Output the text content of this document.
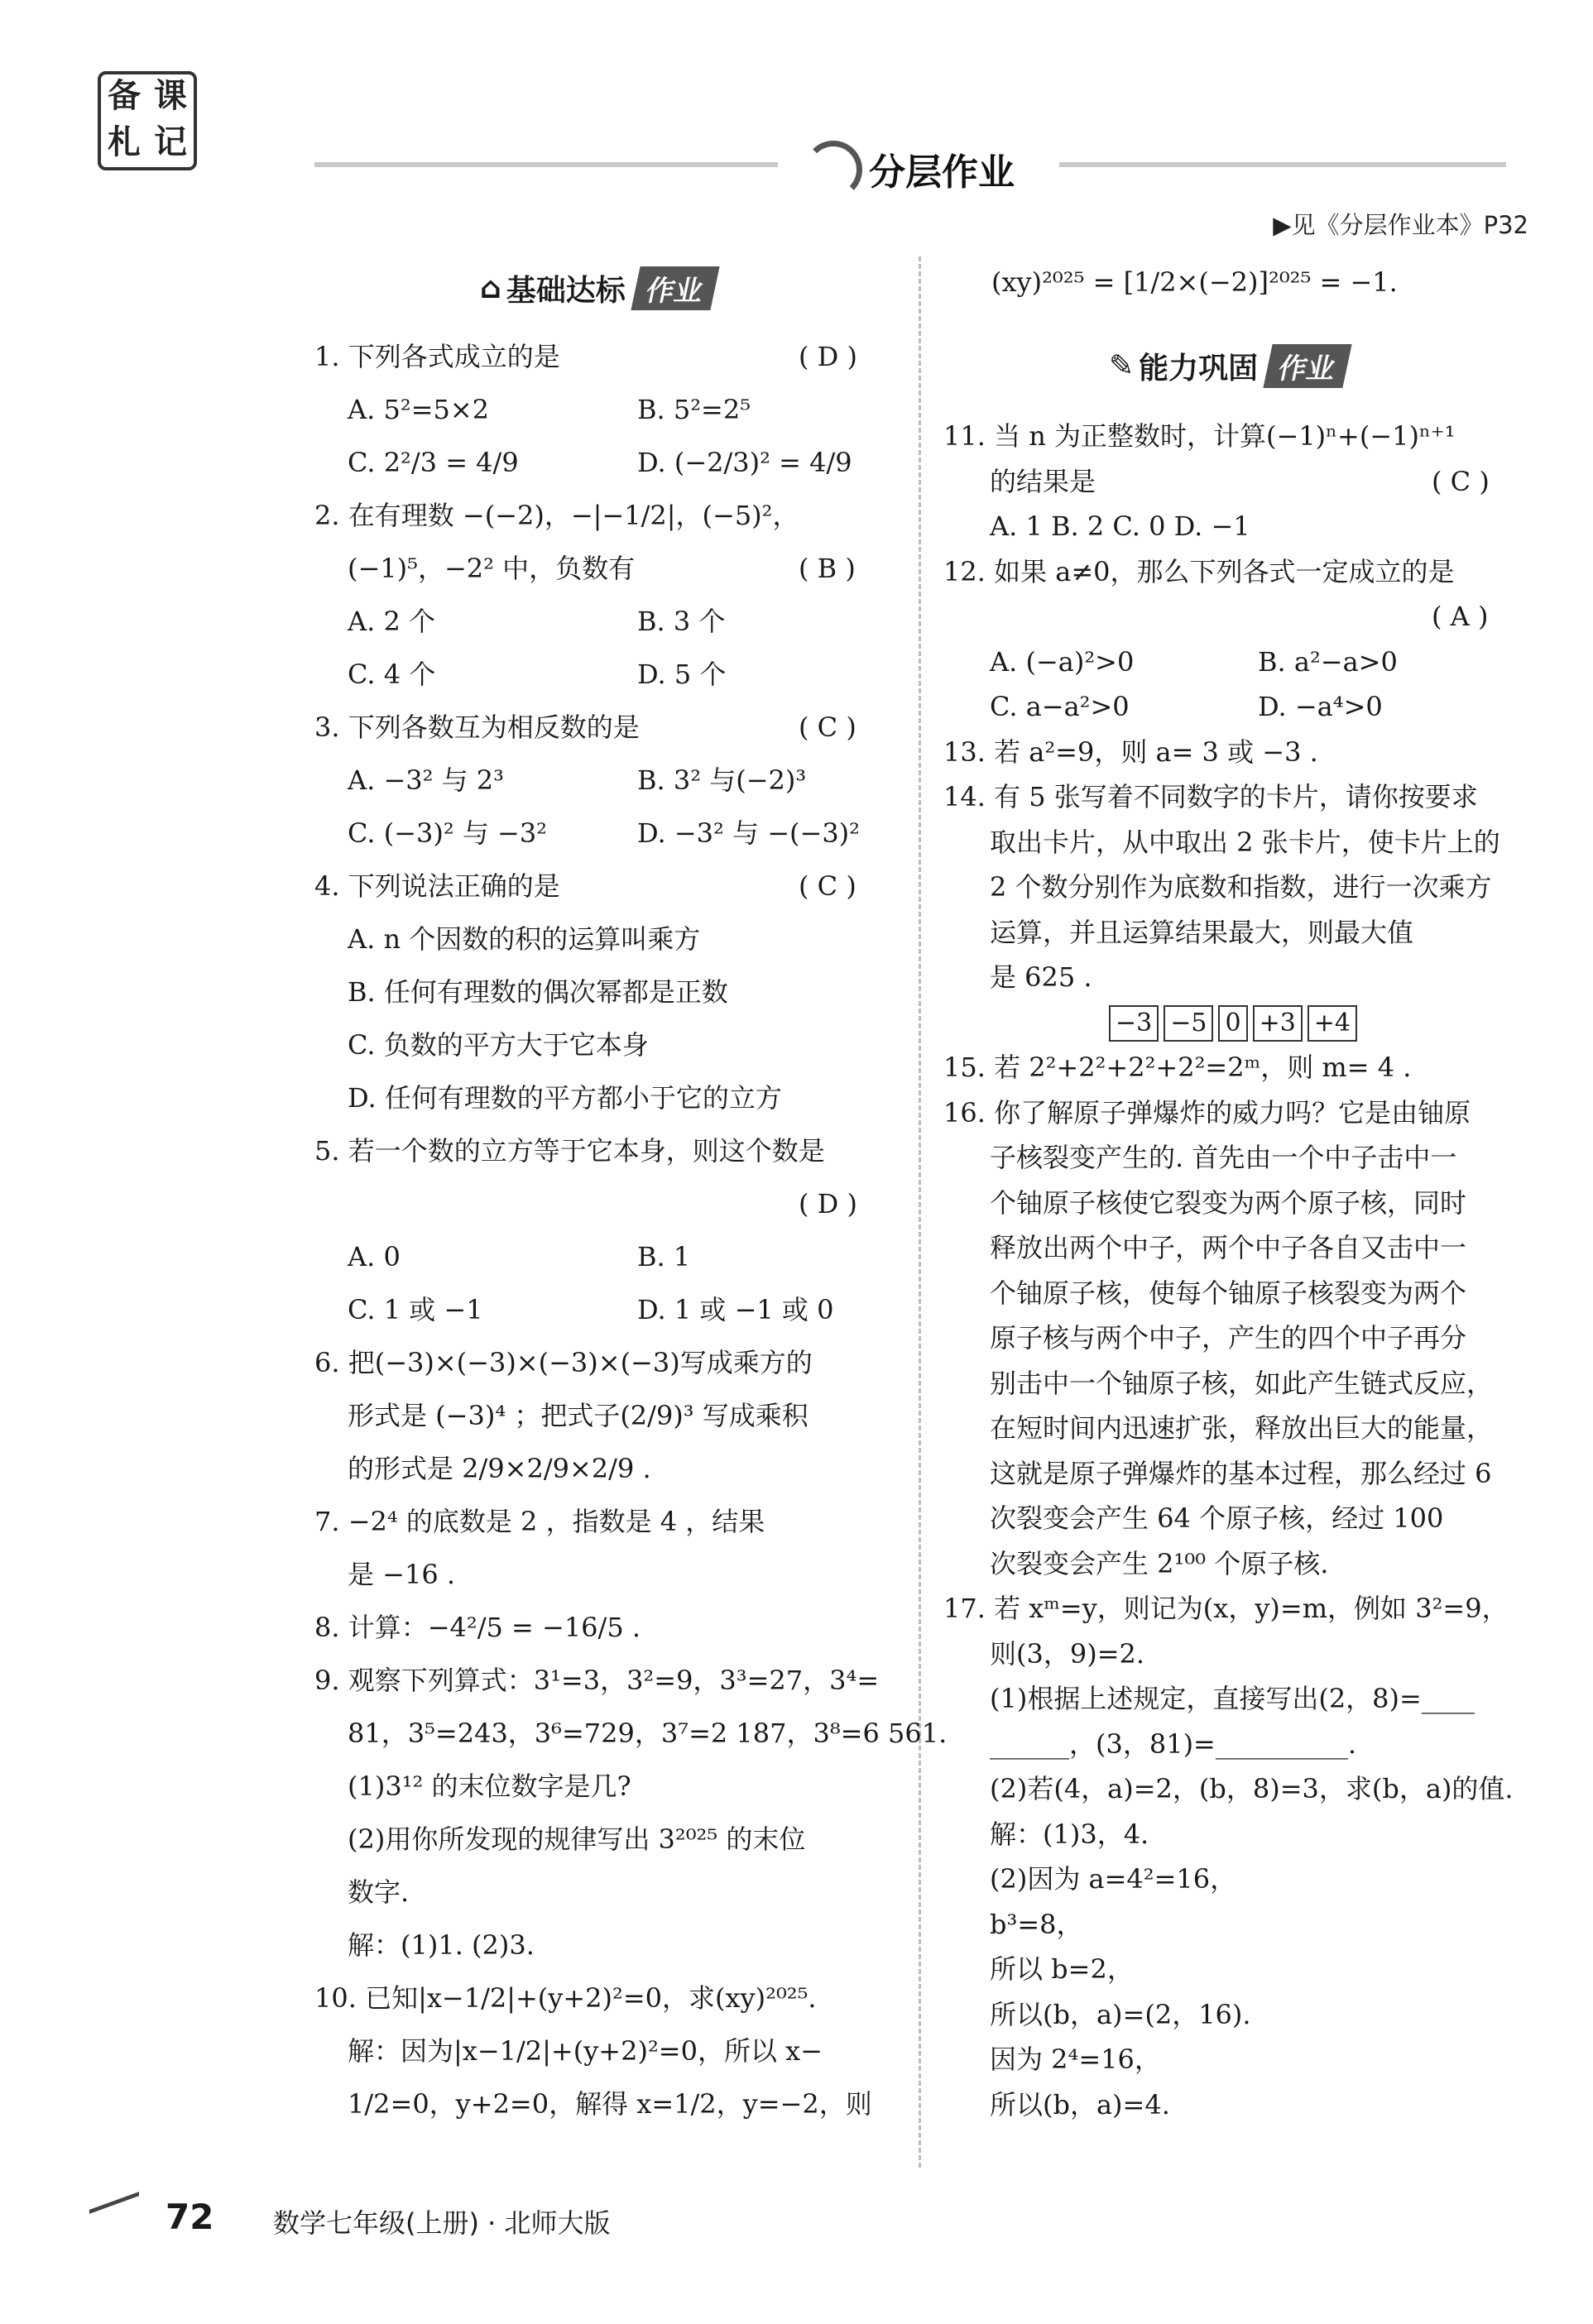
备 课
札 记
分层作业
▶见《分层作业本》P32
⌂ 基础达标 作业
1. 下列各式成立的是	( D )
A. 5²=5×2	B. 5²=2⁵
C. 2²/3 = 4/9	D. (−2/3)² = 4/9
2. 在有理数 −(−2)，−|−1/2|，(−5)²，
(−1)⁵，−2² 中，负数有	( B )
A. 2 个	B. 3 个
C. 4 个	D. 5 个
3. 下列各数互为相反数的是	( C )
A. −3² 与 2³	B. 3² 与(−2)³
C. (−3)² 与 −3²	D. −3² 与 −(−3)²
4. 下列说法正确的是	( C )
A. n 个因数的积的运算叫乘方
B. 任何有理数的偶次幂都是正数
C. 负数的平方大于它本身
D. 任何有理数的平方都小于它的立方
5. 若一个数的立方等于它本身，则这个数是
( D )
A. 0	B. 1
C. 1 或 −1	D. 1 或 −1 或 0
6. 把(−3)×(−3)×(−3)×(−3)写成乘方的
形式是 (−3)⁴ ；把式子(2/9)³ 写成乘积
的形式是 2/9×2/9×2/9 .
7. −2⁴ 的底数是 2 ，指数是 4 ，结果
是 −16 .
8. 计算：−4²/5 = −16/5 .
9. 观察下列算式：3¹=3，3²=9，3³=27，3⁴=
81，3⁵=243，3⁶=729，3⁷=2 187，3⁸=6 561.
(1)3¹² 的末位数字是几?
(2)用你所发现的规律写出 3²⁰²⁵ 的末位
数字.
解：(1)1. (2)3.
10. 已知|x−1/2|+(y+2)²=0，求(xy)²⁰²⁵.
解：因为|x−1/2|+(y+2)²=0，所以 x−
1/2=0，y+2=0，解得 x=1/2，y=−2，则
(xy)²⁰²⁵ = [1/2×(−2)]²⁰²⁵ = −1.
✎ 能力巩固 作业
11. 当 n 为正整数时，计算(−1)ⁿ+(−1)ⁿ⁺¹
的结果是	( C )
A. 1 B. 2 C. 0 D. −1
12. 如果 a≠0，那么下列各式一定成立的是
( A )
A. (−a)²>0	B. a²−a>0
C. a−a²>0	D. −a⁴>0
13. 若 a²=9，则 a= 3 或 −3 .
14. 有 5 张写着不同数字的卡片，请你按要求
取出卡片，从中取出 2 张卡片，使卡片上的
2 个数分别作为底数和指数，进行一次乘方
运算，并且运算结果最大，则最大值
是 625 .
15. 若 2²+2²+2²+2²=2ᵐ，则 m= 4 .
16. 你了解原子弹爆炸的威力吗？它是由铀原
子核裂变产生的. 首先由一个中子击中一
个铀原子核使它裂变为两个原子核，同时
释放出两个中子，两个中子各自又击中一
个铀原子核，使每个铀原子核裂变为两个
原子核与两个中子，产生的四个中子再分
别击中一个铀原子核，如此产生链式反应，
在短时间内迅速扩张，释放出巨大的能量，
这就是原子弹爆炸的基本过程，那么经过 6
次裂变会产生 64 个原子核，经过 100
次裂变会产生 2¹⁰⁰ 个原子核.
17. 若 xᵐ=y，则记为(x，y)=m，例如 3²=9，
则(3，9)=2.
(1)根据上述规定，直接写出(2，8)=____
______，(3，81)=__________.
(2)若(4，a)=2，(b，8)=3，求(b，a)的值.
解：(1)3，4.
(2)因为 a=4²=16，
b³=8，
所以 b=2，
所以(b，a)=(2，16).
因为 2⁴=16，
所以(b，a)=4.
−3 −5 0 +3 +4
72 数学七年级(上册) · 北师大版
